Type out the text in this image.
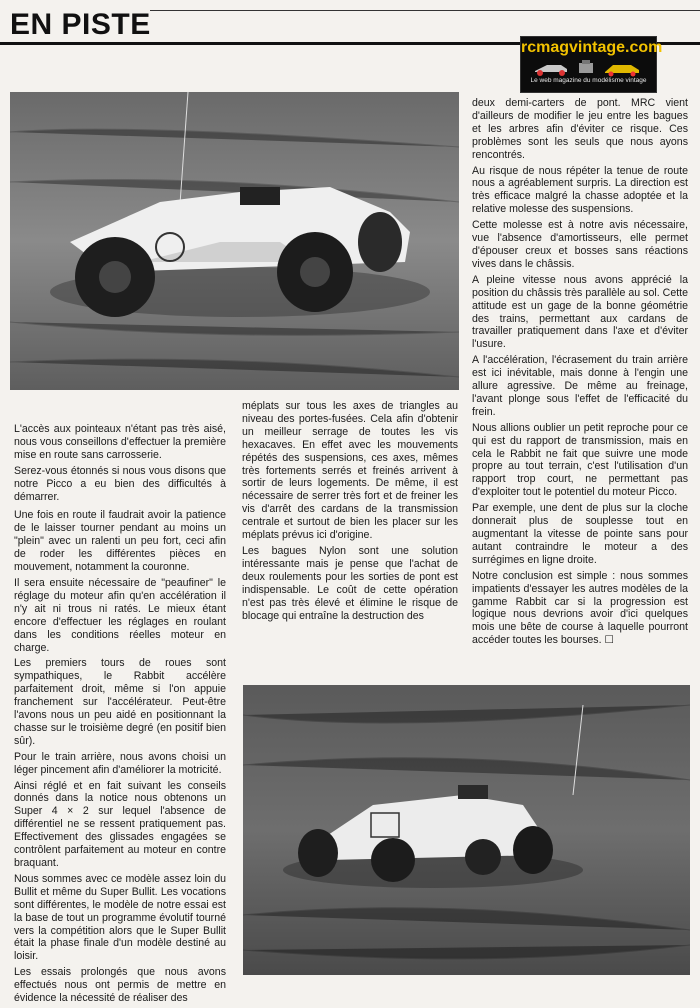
EN PISTE
rcmagvintage.com
Le web magazine du modélisme vintage

L'accès aux pointeaux n'étant pas très aisé, nous vous conseillons d'effectuer la première mise en route sans carrosserie.

Serez-vous étonnés si nous vous disons que notre Picco a eu bien des difficultés à démarrer.

Une fois en route il faudrait avoir la patience de le laisser tourner pendant au moins un "plein" avec un ralenti un peu fort, ceci afin de roder les différentes pièces en mouvement, notamment la couronne.

Il sera ensuite nécessaire de "peaufiner" le réglage du moteur afin qu'en accélération il n'y ait ni trous ni ratés. Le mieux étant encore d'effectuer les réglages en roulant dans les conditions réelles moteur en charge.

Les premiers tours de roues sont sympathiques, le Rabbit accélère parfaitement droit, même si l'on appuie franchement sur l'accélérateur. Peut-être l'avons nous un peu aidé en positionnant la chasse sur le troisième degré (en positif bien sûr).

Pour le train arrière, nous avons choisi un léger pincement afin d'améliorer la motricité.

Ainsi réglé et en fait suivant les conseils donnés dans la notice nous obtenons un Super 4 × 2 sur lequel l'absence de différentiel ne se ressent pratiquement pas. Effectivement des glissades engagées se contrôlent parfaitement au moteur en contre braquant.

Nous sommes avec ce modèle assez loin du Bullit et même du Super Bullit. Les vocations sont différentes, le modèle de notre essai est la base de tout un programme évolutif tourné vers la compétition alors que le Super Bullit était la phase finale d'un modèle destiné au loisir.

Les essais prolongés que nous avons effectués nous ont permis de mettre en évidence la nécessité de réaliser des

méplats sur tous les axes de triangles au niveau des portes-fusées. Cela afin d'obtenir un meilleur serrage de toutes les vis hexacaves. En effet avec les mouvements répétés des suspensions, ces axes, mêmes très fortements serrés et freinés arrivent à sortir de leurs logements. De même, il est nécessaire de serrer très fort et de freiner les vis d'arrêt des cardans de la transmission centrale et surtout de bien les placer sur les méplats prévus ici d'origine.

Les bagues Nylon sont une solution intéressante mais je pense que l'achat de deux roulements pour les sorties de pont est indispensable. Le coût de cette opération n'est pas très élevé et élimine le risque de blocage qui entraîne la destruction des

deux demi-carters de pont. MRC vient d'ailleurs de modifier le jeu entre les bagues et les arbres afin d'éviter ce risque. Ces problèmes sont les seuls que nous ayons rencontrés.

Au risque de nous répéter la tenue de route nous a agréablement surpris. La direction est très efficace malgré la chasse adoptée et la relative molesse des suspensions.

Cette molesse est à notre avis nécessaire, vue l'absence d'amortisseurs, elle permet d'épouser creux et bosses sans réactions vives dans le châssis.

A pleine vitesse nous avons apprécié la position du châssis très parallèle au sol. Cette attitude est un gage de la bonne géométrie des trains, permettant aux cardans de travailler pratiquement dans l'axe et d'éviter l'usure.

A l'accélération, l'écrasement du train arrière est ici inévitable, mais donne à l'engin une allure agressive. De même au freinage, l'avant plonge sous l'effet de l'efficacité du frein.

Nous allions oublier un petit reproche pour ce qui est du rapport de transmission, mais en cela le Rabbit ne fait que suivre une mode propre au tout terrain, c'est l'utilisation d'un rapport trop court, ne permettant pas d'exploiter tout le potentiel du moteur Picco.

Par exemple, une dent de plus sur la cloche donnerait plus de souplesse tout en augmentant la vitesse de pointe sans pour autant contraindre le moteur a des surrégimes en ligne droite.

Notre conclusion est simple : nous sommes impatients d'essayer les autres modèles de la gamme Rabbit car si la progression est logique nous devrions avoir d'ici quelques mois une bête de course à laquelle pourront accéder toutes les bourses. ☐
